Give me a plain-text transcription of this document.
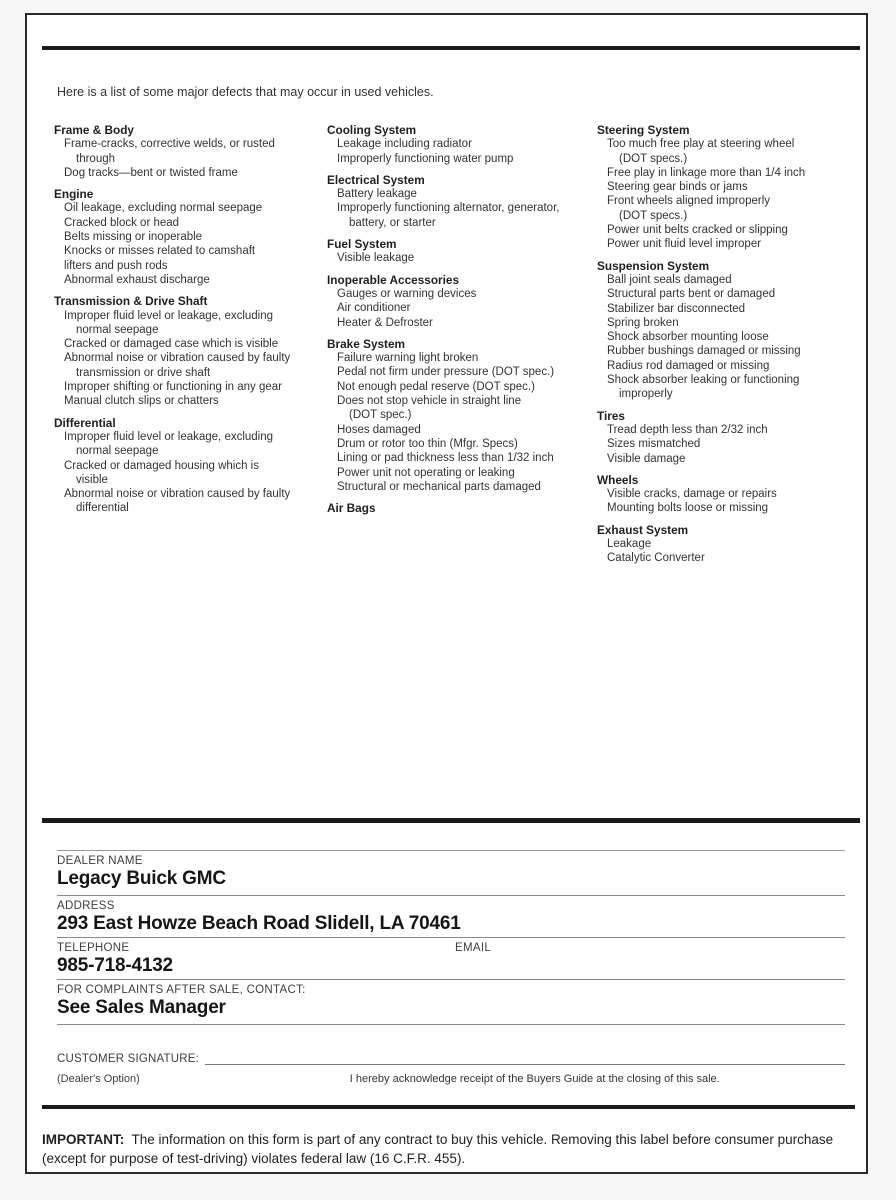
Here is a list of some major defects that may occur in used vehicles.
Frame & Body
Frame-cracks, corrective welds, or rusted
through
Dog tracks—bent or twisted frame
Engine
Oil leakage, excluding normal seepage
Cracked block or head
Belts missing or inoperable
Knocks or misses related to camshaft
lifters and push rods
Abnormal exhaust discharge
Transmission & Drive Shaft
Improper fluid level or leakage, excluding
normal seepage
Cracked or damaged case which is visible
Abnormal noise or vibration caused by faulty
transmission or drive shaft
Improper shifting or functioning in any gear
Manual clutch slips or chatters
Differential
Improper fluid level or leakage, excluding
normal seepage
Cracked or damaged housing which is
visible
Abnormal noise or vibration caused by faulty
differential
Cooling System
Leakage including radiator
Improperly functioning water pump
Electrical System
Battery leakage
Improperly functioning alternator, generator,
battery, or starter
Fuel System
Visible leakage
Inoperable Accessories
Gauges or warning devices
Air conditioner
Heater & Defroster
Brake System
Failure warning light broken
Pedal not firm under pressure (DOT spec.)
Not enough pedal reserve (DOT spec.)
Does not stop vehicle in straight line
(DOT spec.)
Hoses damaged
Drum or rotor too thin (Mfgr. Specs)
Lining or pad thickness less than 1/32 inch
Power unit not operating or leaking
Structural or mechanical parts damaged
Air Bags
Steering System
Too much free play at steering wheel
(DOT specs.)
Free play in linkage more than 1/4 inch
Steering gear binds or jams
Front wheels aligned improperly
(DOT specs.)
Power unit belts cracked or slipping
Power unit fluid level improper
Suspension System
Ball joint seals damaged
Structural parts bent or damaged
Stabilizer bar disconnected
Spring broken
Shock absorber mounting loose
Rubber bushings damaged or missing
Radius rod damaged or missing
Shock absorber leaking or functioning
improperly
Tires
Tread depth less than 2/32 inch
Sizes mismatched
Visible damage
Wheels
Visible cracks, damage or repairs
Mounting bolts loose or missing
Exhaust System
Leakage
Catalytic Converter
DEALER NAME
Legacy Buick GMC
ADDRESS
293 East Howze Beach Road Slidell, LA 70461
TELEPHONE
985-718-4132
EMAIL
FOR COMPLAINTS AFTER SALE, CONTACT:
See Sales Manager
CUSTOMER SIGNATURE:
(Dealer's Option)	I hereby acknowledge receipt of the Buyers Guide at the closing of this sale.

IMPORTANT: The information on this form is part of any contract to buy this vehicle. Removing this label before consumer purchase (except for purpose of test-driving) violates federal law (16 C.F.R. 455).
